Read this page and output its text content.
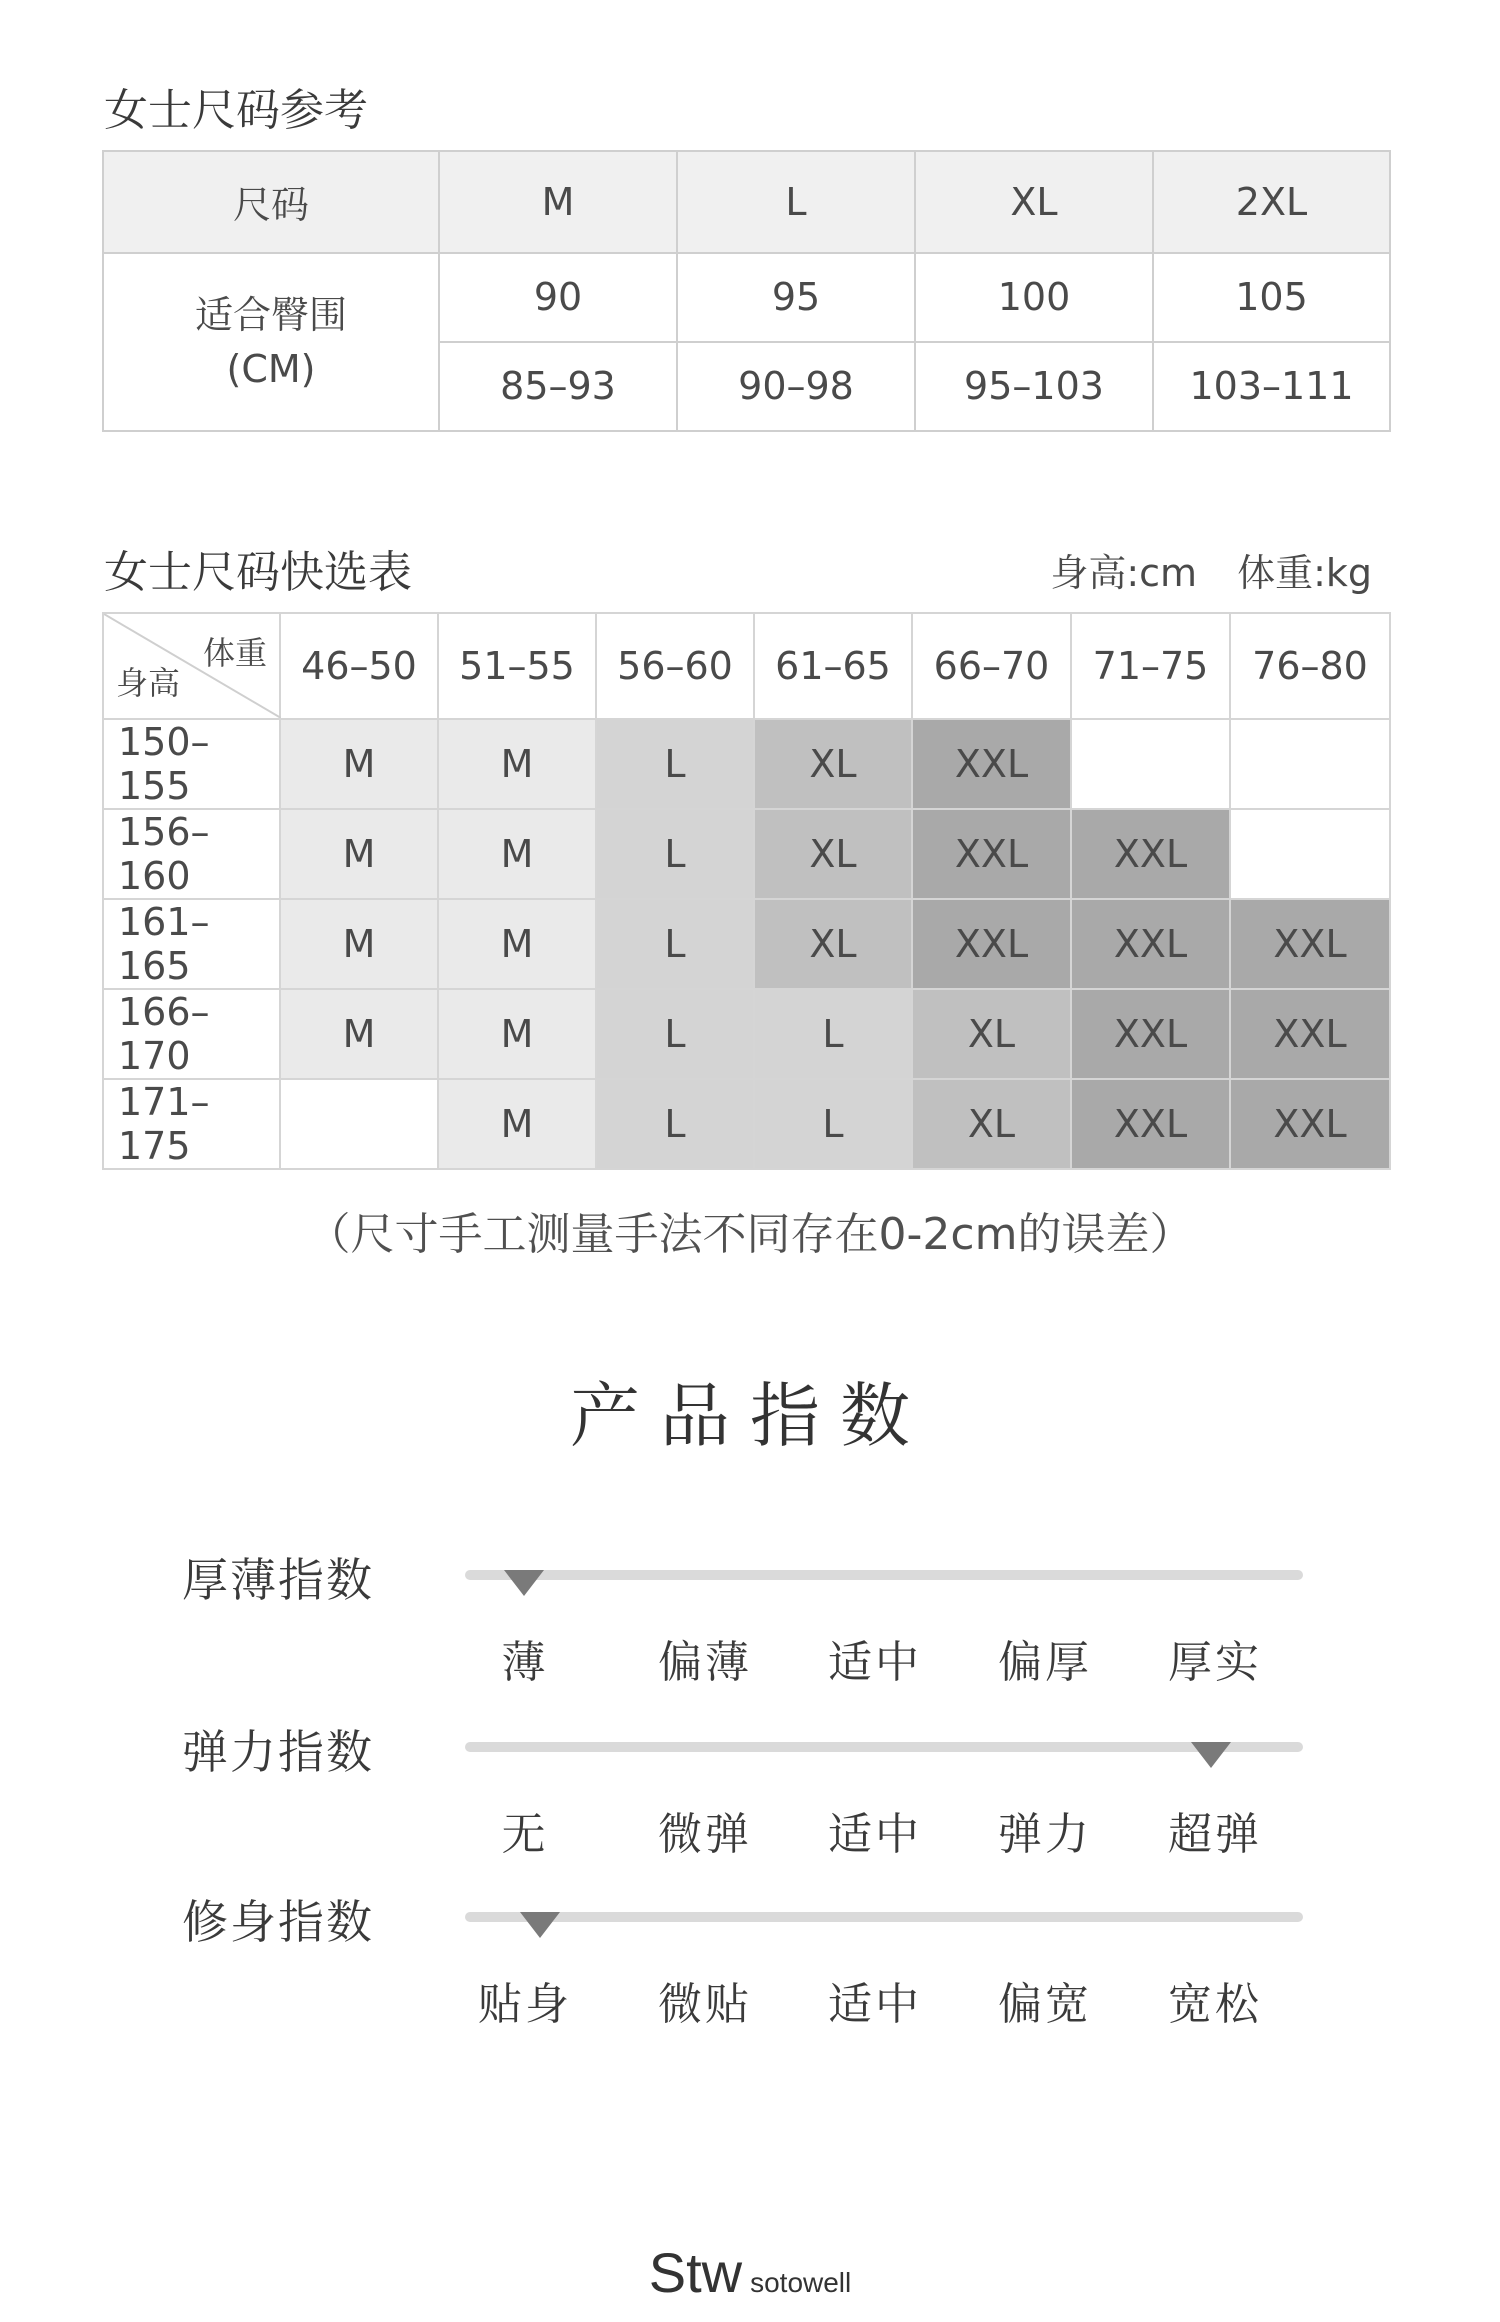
女士尺码参考
尺码	M	L	XL	2XL

适合臀围
(CM)	90	95	100	105
	85–93	90–98	95–103	103–111
女士尺码快选表	身高:cm 体重:kg
体重
身高	46–50	51–55	56–60	61–65	66–70	71–75	76–80
150–155	M	M	L	XL	XXL		
156–160	M	M	L	XL	XXL	XXL	
161–165	M	M	L	XL	XXL	XXL	XXL
166–170	M	M	L	L	XL	XXL	XXL
171–175		M	L	L	XL	XXL	XXL
（尺寸手工测量手法不同存在0-2cm的误差）
产品指数
厚薄指数
薄	偏薄	适中	偏厚	厚实
弹力指数
无	微弹	适中	弹力	超弹
修身指数
贴身	微贴	适中	偏宽	宽松
Stw sotowell
